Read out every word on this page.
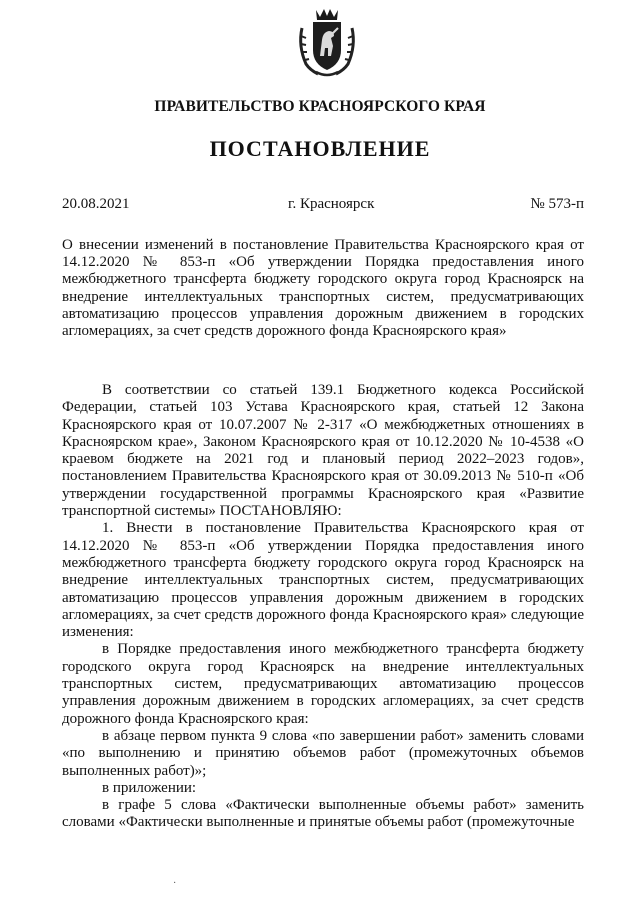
ПРАВИТЕЛЬСТВО КРАСНОЯРСКОГО КРАЯ
ПОСТАНОВЛЕНИЕ
20.08.2021	г. Красноярск	№ 573-п
О внесении изменений в постановление Правительства Красноярского края от 14.12.2020 № 853-п «Об утверждении Порядка предоставления иного межбюджетного трансферта бюджету городского округа город Красноярск на внедрение интеллектуальных транспортных систем, предусматривающих автоматизацию процессов управления дорожным движением в городских агломерациях, за счет средств дорожного фонда Красноярского края»

В соответствии со статьей 139.1 Бюджетного кодекса Российской Федерации, статьей 103 Устава Красноярского края, статьей 12 Закона Красноярского края от 10.07.2007 № 2-317 «О межбюджетных отношениях в Красноярском крае», Законом Красноярского края от 10.12.2020 № 10-4538 «О краевом бюджете на 2021 год и плановый период 2022–2023 годов», постановлением Правительства Красноярского края от 30.09.2013 № 510-п «Об утверждении государственной программы Красноярского края «Развитие транспортной системы» ПОСТАНОВЛЯЮ:

1. Внести в постановление Правительства Красноярского края от 14.12.2020 № 853-п «Об утверждении Порядка предоставления иного межбюджетного трансферта бюджету городского округа город Красноярск на внедрение интеллектуальных транспортных систем, предусматривающих автоматизацию процессов управления дорожным движением в городских агломерациях, за счет средств дорожного фонда Красноярского края» следующие изменения:

в Порядке предоставления иного межбюджетного трансферта бюджету городского округа город Красноярск на внедрение интеллектуальных транспортных систем, предусматривающих автоматизацию процессов управления дорожным движением в городских агломерациях, за счет средств дорожного фонда Красноярского края:

в абзаце первом пункта 9 слова «по завершении работ» заменить словами «по выполнению и принятию объемов работ (промежуточных объемов выполненных работ)»;

в приложении:

в графе 5 слова «Фактически выполненные объемы работ» заменить словами «Фактически выполненные и принятые объемы работ (промежуточные

·
